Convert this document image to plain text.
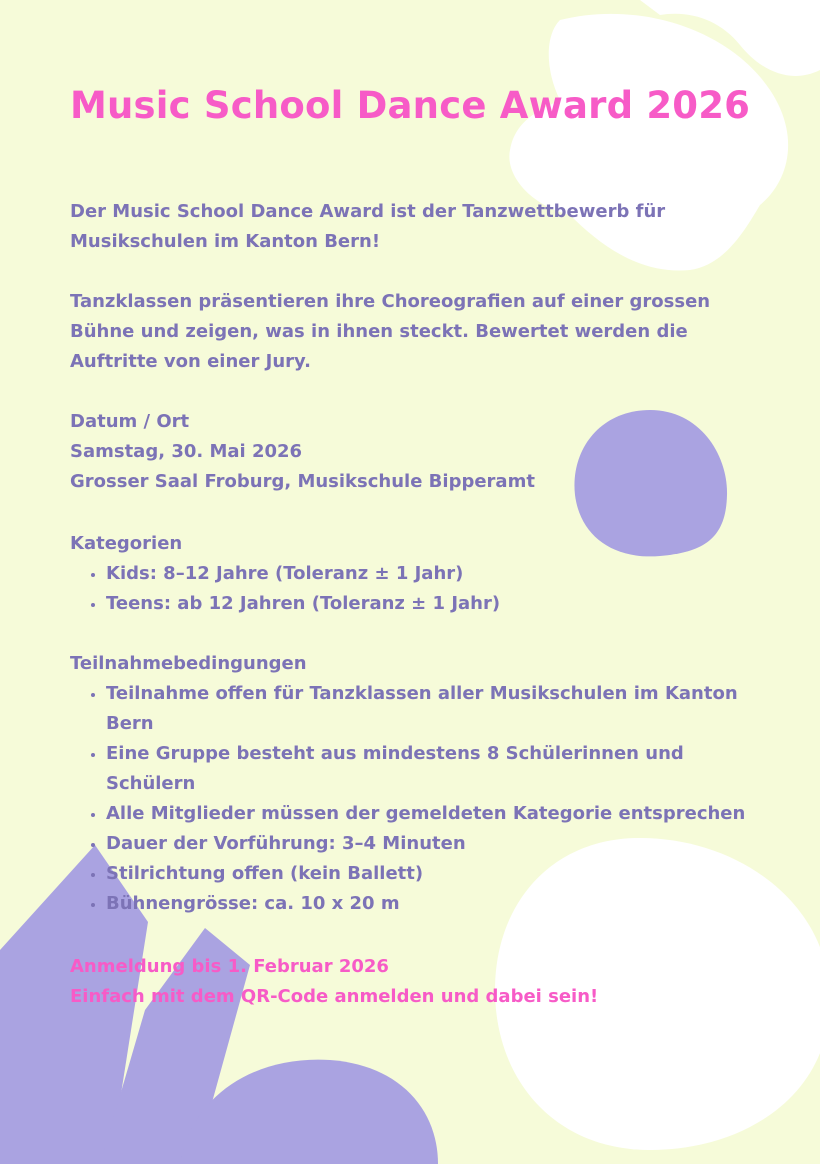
Music School Dance Award 2026

Der Music School Dance Award ist der Tanzwettbewerb für Musikschulen im Kanton Bern!

Tanzklassen präsentieren ihre Choreografien auf einer grossen Bühne und zeigen, was in ihnen steckt. Bewertet werden die Auftritte von einer Jury.

Datum / Ort

Samstag, 30. Mai 2026

Grosser Saal Froburg, Musikschule Bipperamt

Kategorien

• Kids: 8–12 Jahre (Toleranz ± 1 Jahr)
• Teens: ab 12 Jahren (Toleranz ± 1 Jahr)

Teilnahmebedingungen

• Teilnahme offen für Tanzklassen aller Musikschulen im Kanton Bern
• Eine Gruppe besteht aus mindestens 8 Schülerinnen und Schülern
• Alle Mitglieder müssen der gemeldeten Kategorie entsprechen
• Dauer der Vorführung: 3–4 Minuten
• Stilrichtung offen (kein Ballett)
• Bühnengrösse: ca. 10 x 20 m

Anmeldung bis 1. Februar 2026

Einfach mit dem QR-Code anmelden und dabei sein!
